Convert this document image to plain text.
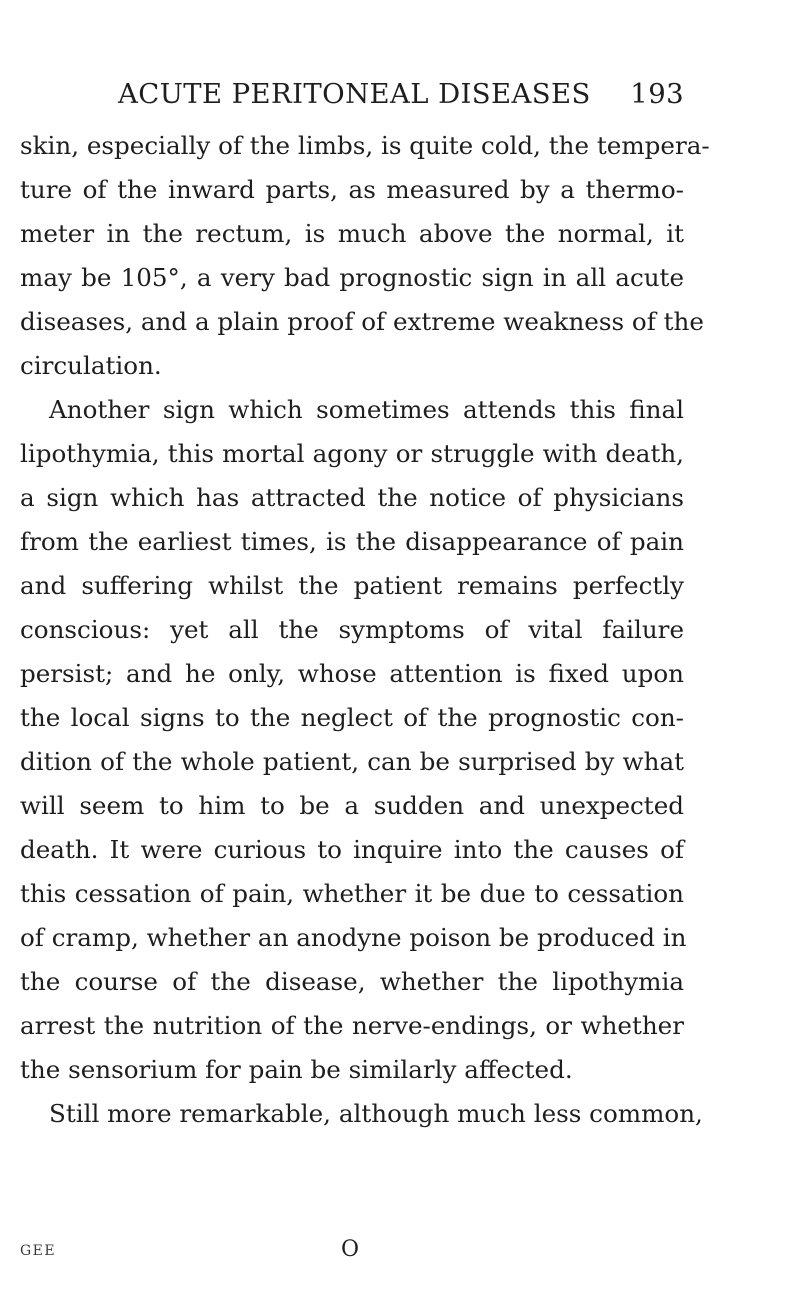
ACUTE PERITONEAL DISEASES 193
skin, especially of the limbs, is quite cold, the tempera-
ture of the inward parts, as measured by a thermo-
meter in the rectum, is much above the normal, it
may be 105°, a very bad prognostic sign in all acute
diseases, and a plain proof of extreme weakness of the
circulation.
Another sign which sometimes attends this final
lipothymia, this mortal agony or struggle with death,
a sign which has attracted the notice of physicians
from the earliest times, is the disappearance of pain
and suffering whilst the patient remains perfectly
conscious: yet all the symptoms of vital failure
persist; and he only, whose attention is fixed upon
the local signs to the neglect of the prognostic con-
dition of the whole patient, can be surprised by what
will seem to him to be a sudden and unexpected
death. It were curious to inquire into the causes of
this cessation of pain, whether it be due to cessation
of cramp, whether an anodyne poison be produced in
the course of the disease, whether the lipothymia
arrest the nutrition of the nerve-endings, or whether
the sensorium for pain be similarly affected.
Still more remarkable, although much less common,
GEE	O
